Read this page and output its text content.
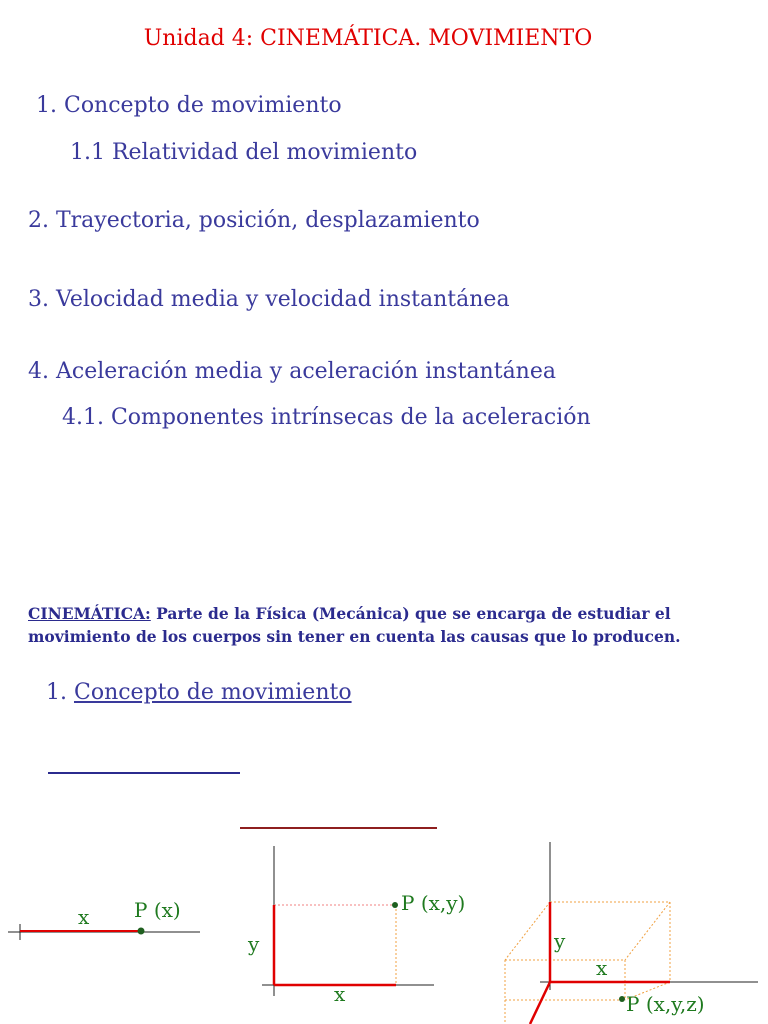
Unidad 4: CINEMÁTICA. MOVIMIENTO
1. Concepto de movimiento
1.1 Relatividad del movimiento
2. Trayectoria, posición, desplazamiento
3. Velocidad media y velocidad instantánea
4. Aceleración media y aceleración instantánea
4.1. Componentes intrínsecas de la aceleración
CINEMÁTICA: Parte de la Física (Mecánica) que se encarga de estudiar el movimiento de los cuerpos sin tener en cuenta las causas que lo producen.
1. Concepto de movimiento
x P (x)
y
x
P (x,y)
y
x
P (x,y,z)
